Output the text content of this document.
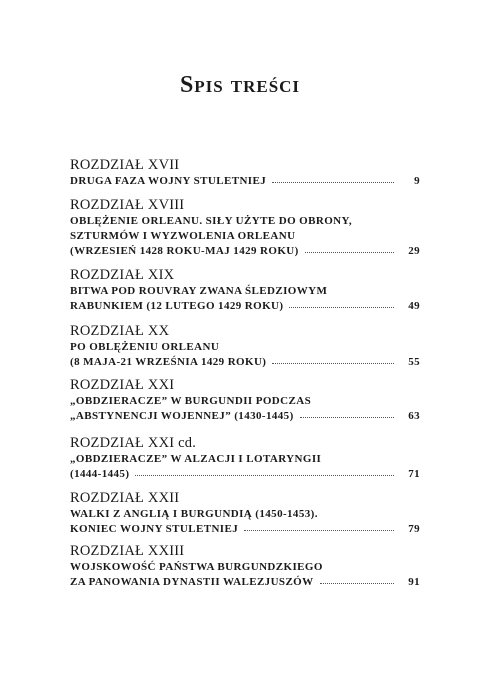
Spis treści
ROZDZIAŁ XVII
DRUGA FAZA WOJNY STULETNIEJ	9
ROZDZIAŁ XVIII
OBLĘŻENIE ORLEANU. SIŁY UŻYTE DO OBRONY,
SZTURMÓW I WYZWOLENIA ORLEANU
(WRZESIEŃ 1428 ROKU-MAJ 1429 ROKU)	29
ROZDZIAŁ XIX
BITWA POD ROUVRAY ZWANA ŚLEDZIOWYM
RABUNKIEM (12 LUTEGO 1429 ROKU)	49
ROZDZIAŁ XX
PO OBLĘŻENIU ORLEANU
(8 MAJA-21 WRZEŚNIA 1429 ROKU)	55
ROZDZIAŁ XXI
„OBDZIERACZE” W BURGUNDII PODCZAS
„ABSTYNENCJI WOJENNEJ” (1430-1445)	63
ROZDZIAŁ XXI cd.
„OBDZIERACZE” W ALZACJI I LOTARYNGII
(1444-1445)	71
ROZDZIAŁ XXII
WALKI Z ANGLIĄ I BURGUNDIĄ (1450-1453).
KONIEC WOJNY STULETNIEJ	79
ROZDZIAŁ XXIII
WOJSKOWOŚĆ PAŃSTWA BURGUNDZKIEGO
ZA PANOWANIA DYNASTII WALEZJUSZÓW	91
